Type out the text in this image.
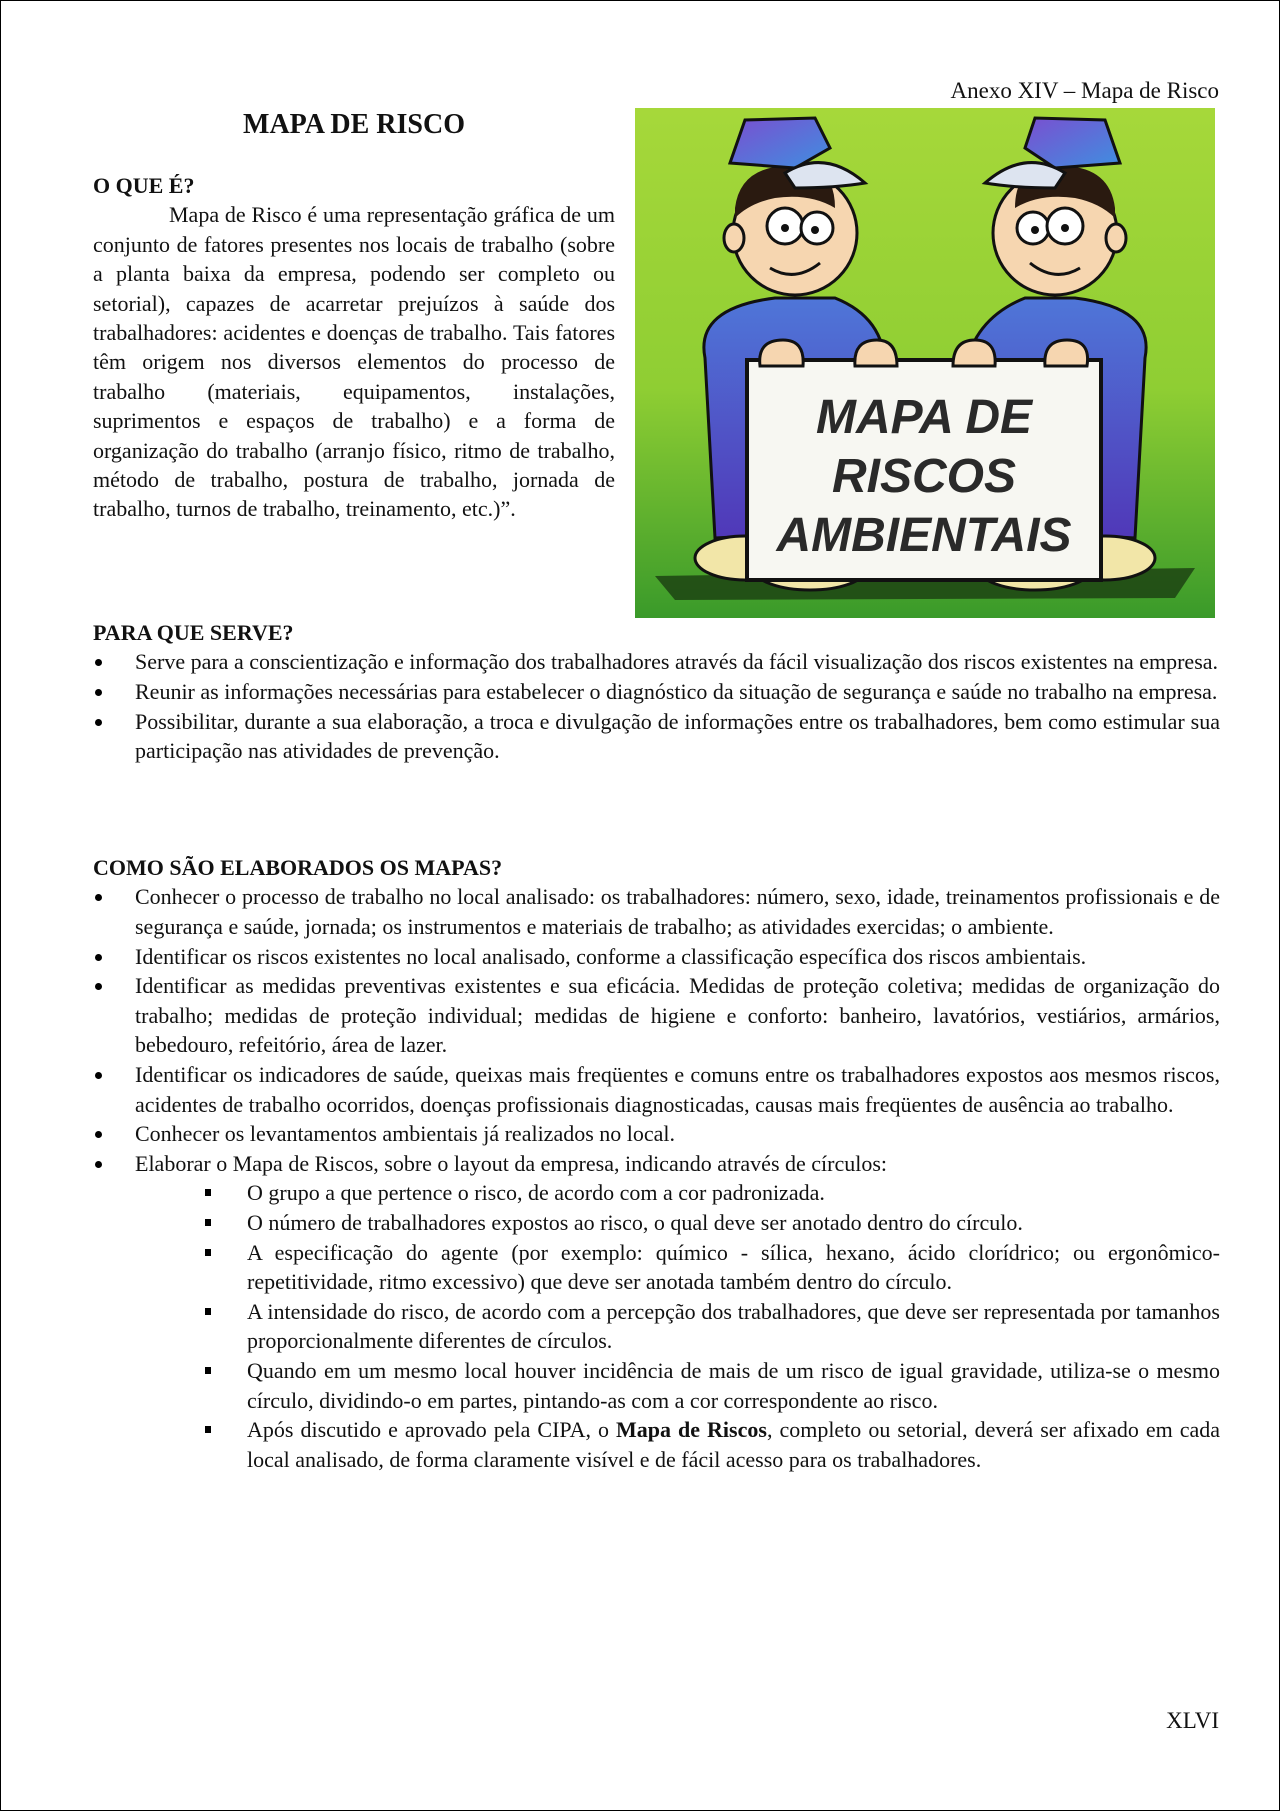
Anexo XIV – Mapa de Risco
MAPA DE RISCO
O QUE É?

Mapa de Risco é uma representação gráfica de um conjunto de fatores presentes nos locais de trabalho (sobre a planta baixa da empresa, podendo ser completo ou setorial), capazes de acarretar prejuízos à saúde dos trabalhadores: acidentes e doenças de trabalho. Tais fatores têm origem nos diversos elementos do processo de trabalho (materiais, equipamentos, instalações, suprimentos e espaços de trabalho) e a forma de organização do trabalho (arranjo físico, ritmo de trabalho, método de trabalho, postura de trabalho, jornada de trabalho, turnos de trabalho, treinamento, etc.)”.

MAPA DE
RISCOS
AMBIENTAIS
PARA QUE SERVE?
Serve para a conscientização e informação dos trabalhadores através da fácil visualização dos riscos existentes na empresa.
Reunir as informações necessárias para estabelecer o diagnóstico da situação de segurança e saúde no trabalho na empresa.
Possibilitar, durante a sua elaboração, a troca e divulgação de informações entre os trabalhadores, bem como estimular sua participação nas atividades de prevenção.
COMO SÃO ELABORADOS OS MAPAS?
Conhecer o processo de trabalho no local analisado: os trabalhadores: número, sexo, idade, treinamentos profissionais e de segurança e saúde, jornada; os instrumentos e materiais de trabalho; as atividades exercidas; o ambiente.
Identificar os riscos existentes no local analisado, conforme a classificação específica dos riscos ambientais.
Identificar as medidas preventivas existentes e sua eficácia. Medidas de proteção coletiva; medidas de organização do trabalho; medidas de proteção individual; medidas de higiene e conforto: banheiro, lavatórios, vestiários, armários, bebedouro, refeitório, área de lazer.
Identificar os indicadores de saúde, queixas mais freqüentes e comuns entre os trabalhadores expostos aos mesmos riscos, acidentes de trabalho ocorridos, doenças profissionais diagnosticadas, causas mais freqüentes de ausência ao trabalho.
Conhecer os levantamentos ambientais já realizados no local.
Elaborar o Mapa de Riscos, sobre o layout da empresa, indicando através de círculos:
O grupo a que pertence o risco, de acordo com a cor padronizada.
O número de trabalhadores expostos ao risco, o qual deve ser anotado dentro do círculo.
A especificação do agente (por exemplo: químico - sílica, hexano, ácido clorídrico; ou ergonômico-repetitividade, ritmo excessivo) que deve ser anotada também dentro do círculo.
A intensidade do risco, de acordo com a percepção dos trabalhadores, que deve ser representada por tamanhos proporcionalmente diferentes de círculos.
Quando em um mesmo local houver incidência de mais de um risco de igual gravidade, utiliza-se o mesmo círculo, dividindo-o em partes, pintando-as com a cor correspondente ao risco.
Após discutido e aprovado pela CIPA, o Mapa de Riscos, completo ou setorial, deverá ser afixado em cada local analisado, de forma claramente visível e de fácil acesso para os trabalhadores.
XLVI
